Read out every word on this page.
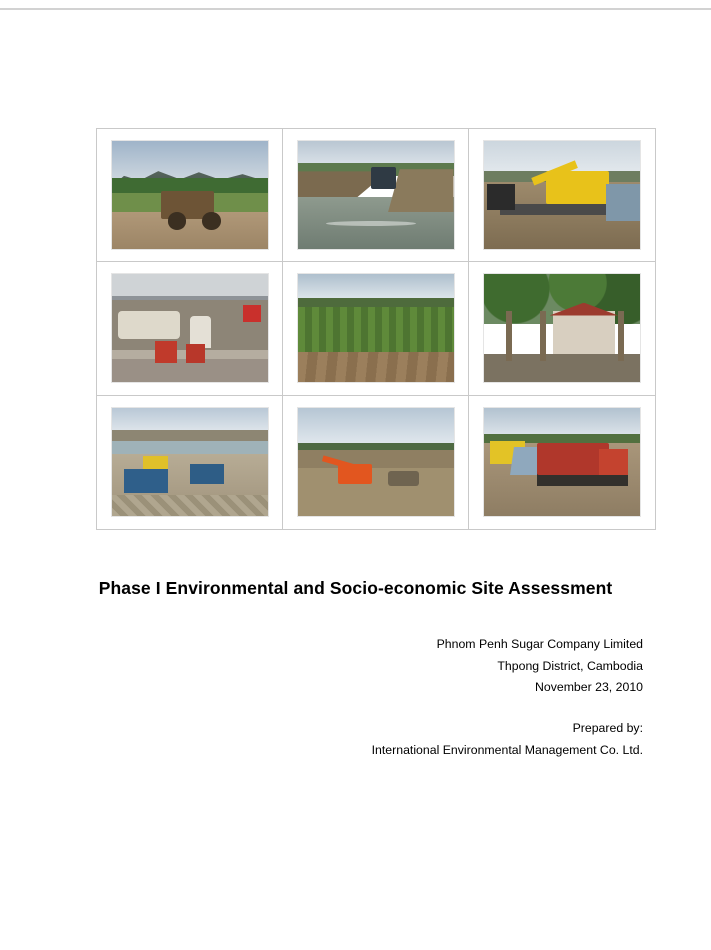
Phase I Environmental and Socio-economic Site Assessment
Phnom Penh Sugar Company Limited
Thpong District, Cambodia
November 23, 2010
Prepared by:
International Environmental Management Co. Ltd.
